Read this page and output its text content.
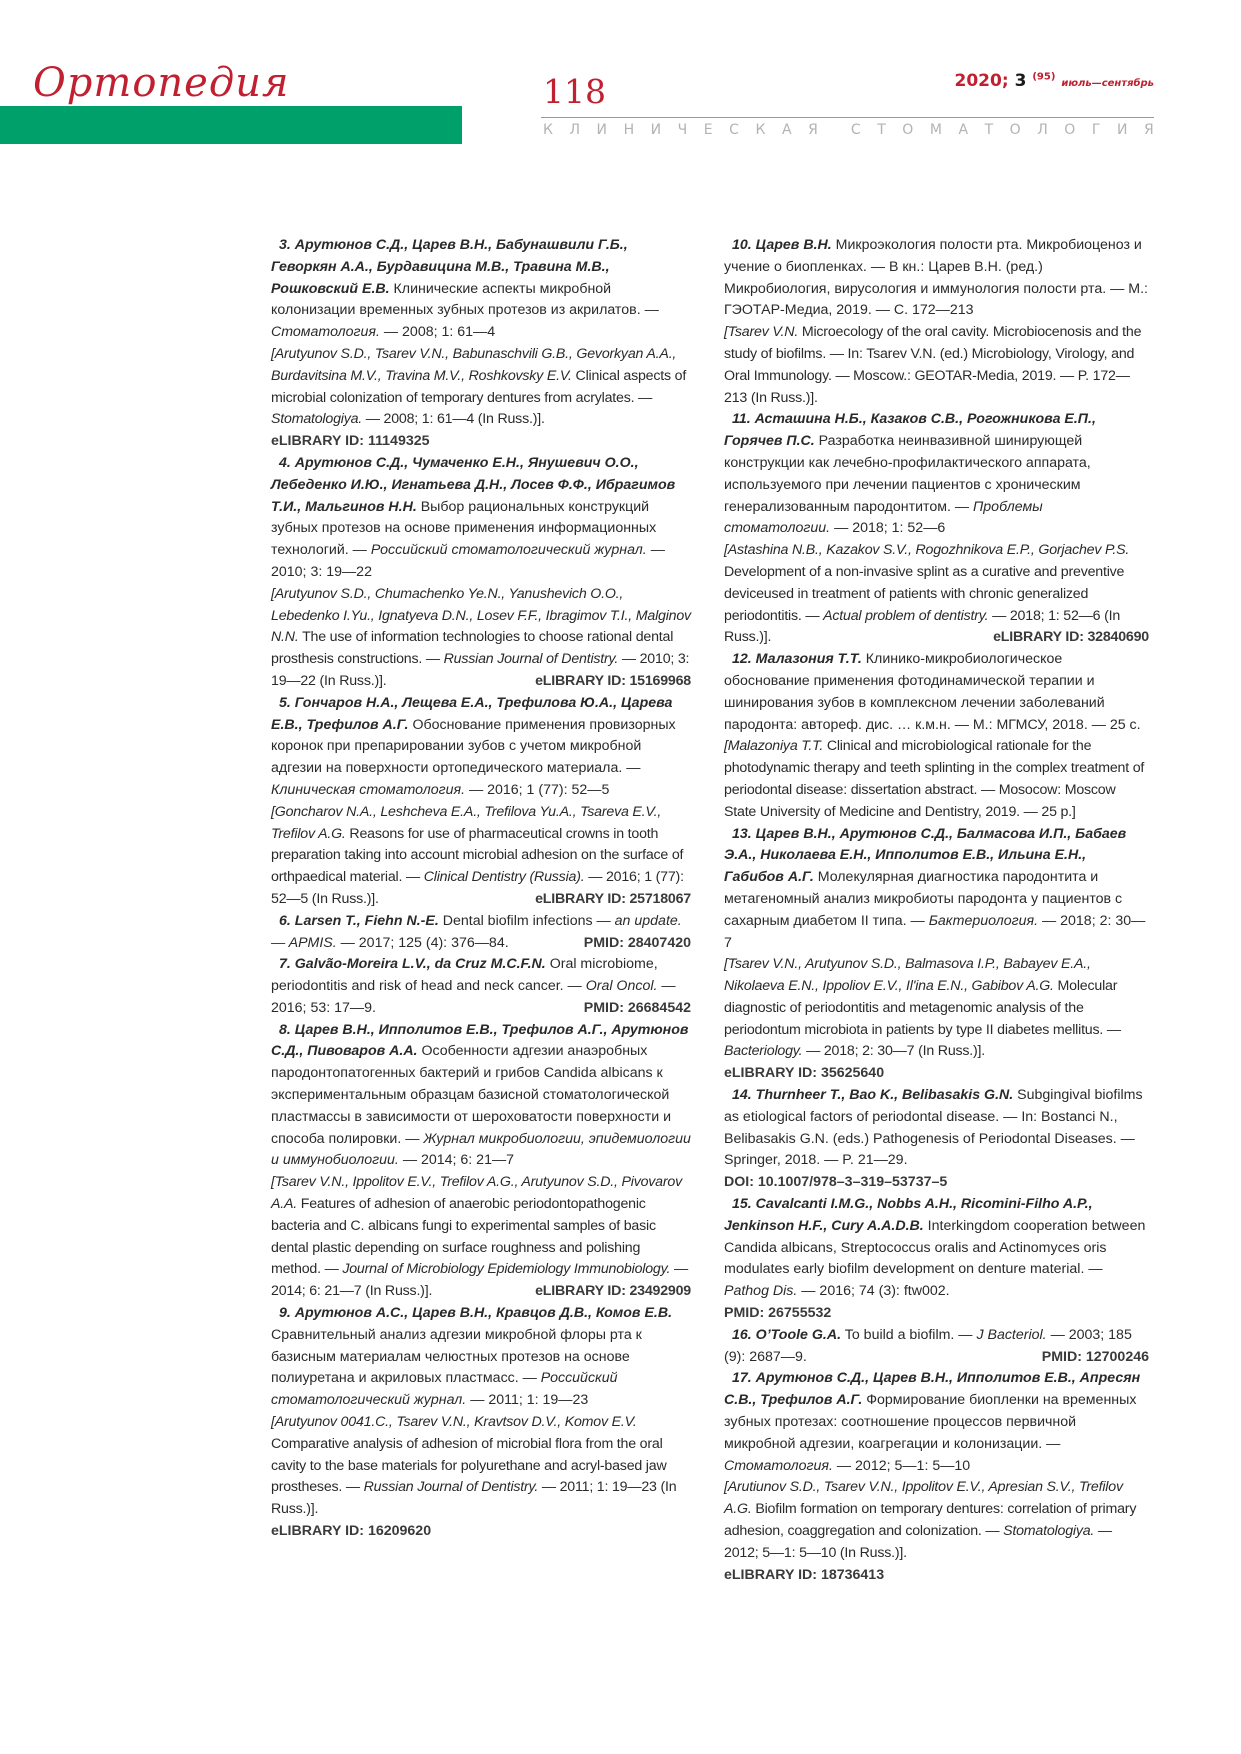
Ортопедия	118	2020; 3 $^{(95)}$ июль—сентябрь
К Л И Н И Ч Е С К А Я С Т О М А Т О Л О Г И Я

3. Арутюнов С.Д., Царев В.Н., Бабунашвили Г.Б., Геворкян А.А., Бурдавицина М.В., Травина М.В., Рошковский Е.В. Клинические аспекты микробной колонизации временных зубных протезов из акрилатов. — Стоматология. — 2008; 1: 61—4

[Arutyunov S.D., Tsarev V.N., Babunaschvili G.B., Gevorkyan A.A., Burdavitsina M.V., Travina M.V., Roshkovsky E.V. Clinical aspects of microbial colonization of temporary dentures from acrylates. — Stomatologiya. — 2008; 1: 61—4 (In Russ.)].

eLIBRARY ID: 11149325

4. Арутюнов С.Д., Чумаченко Е.Н., Янушевич О.О., Лебеденко И.Ю., Игнатьева Д.Н., Лосев Ф.Ф., Ибрагимов Т.И., Мальгинов Н.Н. Выбор рациональных конструкций зубных протезов на основе применения информационных технологий. — Российский стоматологический журнал. — 2010; 3: 19—22

[Arutyunov S.D., Chumachenko Ye.N., Yanushevich O.O., Lebedenko I.Yu., Ignatyeva D.N., Losev F.F., Ibragimov T.I., Malginov N.N. The use of information technologies to choose rational dental prosthesis constructions. — Russian Journal of Dentistry. — 2010; 3: 19—22 (In Russ.)].	eLIBRARY ID: 15169968

5. Гончаров Н.А., Лещева Е.А., Трефилова Ю.А., Царева Е.В., Трефилов А.Г. Обоснование применения провизорных коронок при препарировании зубов с учетом микробной адгезии на поверхности ортопедического материала. — Клиническая стоматология. — 2016; 1 (77): 52—5

[Goncharov N.A., Leshcheva E.A., Trefilova Yu.A., Tsareva E.V., Trefilov A.G. Reasons for use of pharmaceutical crowns in tooth preparation taking into account microbial adhesion on the surface of orthpaedical material. — Clinical Dentistry (Russia). — 2016; 1 (77): 52—5 (In Russ.)].	eLIBRARY ID: 25718067

6. Larsen T., Fiehn N.-E. Dental biofilm infections — an update. — APMIS. — 2017; 125 (4): 376—84.	PMID: 28407420

7. Galvão-Moreira L.V., da Cruz M.C.F.N. Oral microbiome, periodontitis and risk of head and neck cancer. — Oral Oncol. — 2016; 53: 17—9.	PMID: 26684542

8. Царев В.Н., Ипполитов Е.В., Трефилов А.Г., Арутюнов С.Д., Пивоваров А.А. Особенности адгезии анаэробных пародонтопатогенных бактерий и грибов Candida albicans к экспериментальным образцам базисной стоматологической пластмассы в зависимости от шероховатости поверхности и способа полировки. — Журнал микробиологии, эпидемиологии и иммунобиологии. — 2014; 6: 21—7

[Tsarev V.N., Ippolitov E.V., Trefilov A.G., Arutyunov S.D., Pivovarov A.A. Features of adhesion of anaerobic periodontopathogenic bacteria and C. albicans fungi to experimental samples of basic dental plastic depending on surface roughness and polishing method. — Journal of Microbiology Epidemiology Immunobiology. — 2014; 6: 21—7 (In Russ.)].	eLIBRARY ID: 23492909

9. Арутюнов А.С., Царев В.Н., Кравцов Д.В., Комов Е.В. Сравнительный анализ адгезии микробной флоры рта к базисным материалам челюстных протезов на основе полиуретана и акриловых пластмасс. — Российский стоматологический журнал. — 2011; 1: 19—23

[Arutyunov 0041.C., Tsarev V.N., Kravtsov D.V., Komov E.V. Comparative analysis of adhesion of microbial flora from the oral cavity to the base materials for polyurethane and acryl-based jaw prostheses. — Russian Journal of Dentistry. — 2011; 1: 19—23 (In Russ.)].

eLIBRARY ID: 16209620

10. Царев В.Н. Микроэкология полости рта. Микробиоценоз и учение о биопленках. — В кн.: Царев В.Н. (ред.) Микробиология, вирусология и иммунология полости рта. — М.: ГЭОТАР-Медиа, 2019. — С. 172—213

[Tsarev V.N. Microecology of the oral cavity. Microbiocenosis and the study of biofilms. — In: Tsarev V.N. (ed.) Microbiology, Virology, and Oral Immunology. — Moscow.: GEOTAR-Media, 2019. — P. 172—213 (In Russ.)].

11. Асташина Н.Б., Казаков С.В., Рогожникова Е.П., Горячев П.С. Разработка неинвазивной шинирующей конструкции как лечебно-профилактического аппарата, используемого при лечении пациентов с хроническим генерализованным пародонтитом. — Проблемы стоматологии. — 2018; 1: 52—6

[Astashina N.B., Kazakov S.V., Rogozhnikova E.P., Gorjachev P.S. Development of a non-invasive splint as a curative and preventive deviceused in treatment of patients with chronic generalized periodontitis. — Actual problem of dentistry. — 2018; 1: 52—6 (In Russ.)].	eLIBRARY ID: 32840690

12. Малазония Т.Т. Клинико-микробиологическое обоснование применения фотодинамической терапии и шинирования зубов в комплексном лечении заболеваний пародонта: автореф. дис. … к.м.н. — М.: МГМСУ, 2018. — 25 с.

[Malazoniya T.T. Clinical and microbiological rationale for the photodynamic therapy and teeth splinting in the complex treatment of periodontal disease: dissertation abstract. — Mosocow: Moscow State University of Medicine and Dentistry, 2019. — 25 p.]

13. Царев В.Н., Арутюнов С.Д., Балмасова И.П., Бабаев Э.А., Николаева Е.Н., Ипполитов Е.В., Ильина Е.Н., Габибов А.Г. Молекулярная диагностика пародонтита и метагеномный анализ микробиоты пародонта у пациентов с сахарным диабетом II типа. — Бактериология. — 2018; 2: 30—7

[Tsarev V.N., Arutyunov S.D., Balmasova I.P., Babayev E.A., Nikolaeva E.N., Ippoliov E.V., Il'ina E.N., Gabibov A.G. Molecular diagnostic of periodontitis and metagenomic analysis of the periodontum microbiota in patients by type II diabetes mellitus. — Bacteriology. — 2018; 2: 30—7 (In Russ.)].

eLIBRARY ID: 35625640

14. Thurnheer T., Bao K., Belibasakis G.N. Subgingival biofilms as etiological factors of periodontal disease. — In: Bostanci N., Belibasakis G.N. (eds.) Pathogenesis of Periodontal Diseases. — Springer, 2018. — P. 21—29.

DOI: 10.1007/978–3–319–53737–5

15. Cavalcanti I.M.G., Nobbs A.H., Ricomini-Filho A.P., Jenkinson H.F., Cury A.A.D.B. Interkingdom cooperation between Candida albicans, Streptococcus oralis and Actinomyces oris modulates early biofilm development on denture material. — Pathog Dis. — 2016; 74 (3): ftw002.

PMID: 26755532

16. O’Toole G.A. To build a biofilm. — J Bacteriol. — 2003; 185 (9): 2687—9.	PMID: 12700246

17. Арутюнов С.Д., Царев В.Н., Ипполитов Е.В., Апресян С.В., Трефилов А.Г. Формирование биопленки на временных зубных протезах: соотношение процессов первичной микробной адгезии, коагрегации и колонизации. — Стоматология. — 2012; 5—1: 5—10

[Arutiunov S.D., Tsarev V.N., Ippolitov E.V., Apresian S.V., Trefilov A.G. Biofilm formation on temporary dentures: correlation of primary adhesion, coaggregation and colonization. — Stomatologiya. — 2012; 5—1: 5—10 (In Russ.)].

eLIBRARY ID: 18736413
